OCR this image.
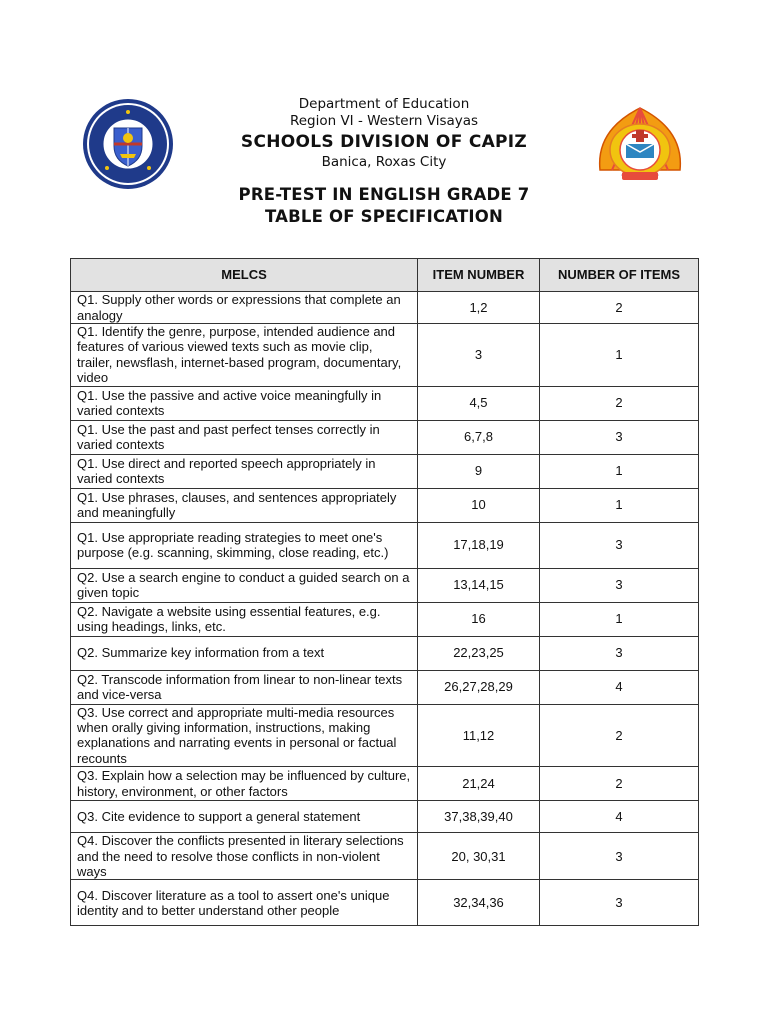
Department of Education
Region VI - Western Visayas
SCHOOLS DIVISION OF CAPIZ
Banica, Roxas City
PRE-TEST IN ENGLISH GRADE 7
TABLE OF SPECIFICATION
MELCS	ITEM NUMBER	NUMBER OF ITEMS
Q1. Supply other words or expressions that complete an analogy	1,2	2
Q1. Identify the genre, purpose, intended audience and features of various viewed texts such as movie clip, trailer, newsflash, internet-based program, documentary, video	3	1
Q1. Use the passive and active voice meaningfully in varied contexts	4,5	2
Q1. Use the past and past perfect tenses correctly in varied contexts	6,7,8	3
Q1. Use direct and reported speech appropriately in varied contexts	9	1
Q1. Use phrases, clauses, and sentences appropriately and meaningfully	10	1
Q1. Use appropriate reading strategies to meet one's purpose (e.g. scanning, skimming, close reading, etc.)	17,18,19	3
Q2. Use a search engine to conduct a guided search on a given topic	13,14,15	3
Q2. Navigate a website using essential features, e.g. using headings, links, etc.	16	1
Q2. Summarize key information from a text	22,23,25	3
Q2. Transcode information from linear to non-linear texts and vice-versa	26,27,28,29	4
Q3. Use correct and appropriate multi-media resources when orally giving information, instructions, making explanations and narrating events in personal or factual recounts	11,12	2
Q3. Explain how a selection may be influenced by culture, history, environment, or other factors	21,24	2
Q3. Cite evidence to support a general statement	37,38,39,40	4
Q4. Discover the conflicts presented in literary selections and the need to resolve those conflicts in non-violent ways	20, 30,31	3
Q4. Discover literature as a tool to assert one's unique identity and to better understand other people	32,34,36	3
